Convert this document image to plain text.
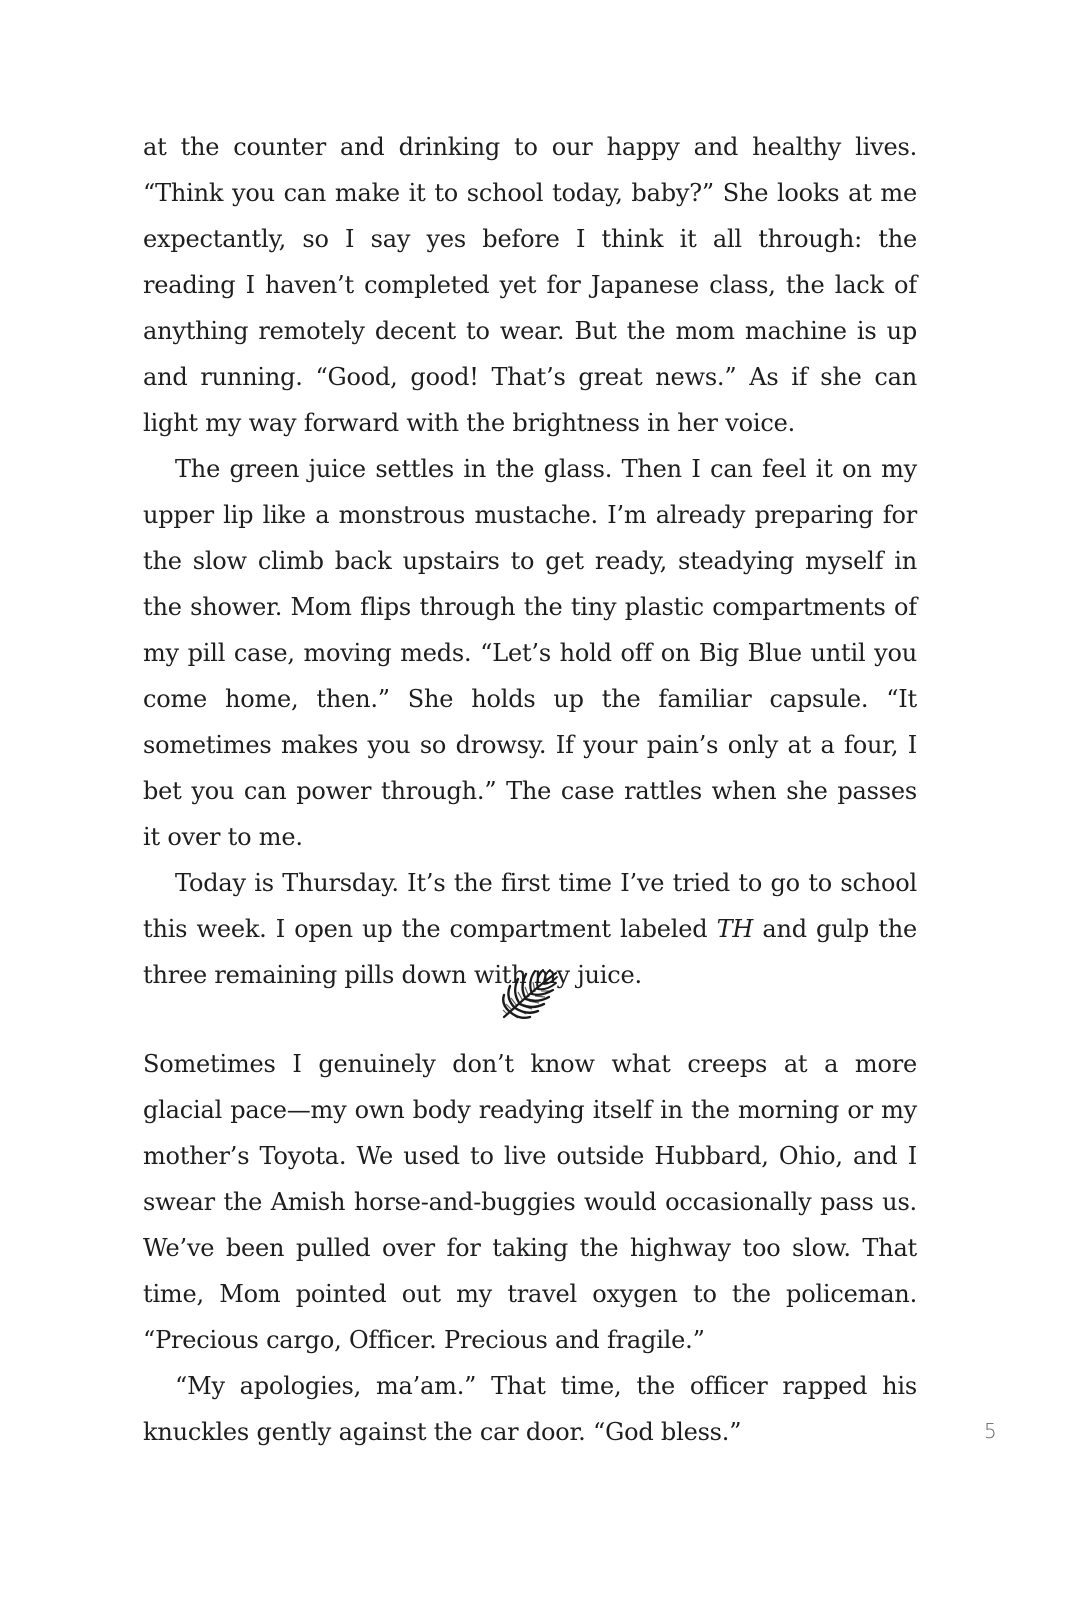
at the counter and drinking to our happy and healthy lives. “Think you can make it to school today, baby?” She looks at me expectantly, so I say yes before I think it all through: the reading I haven’t completed yet for Japanese class, the lack of anything remotely decent to wear. But the mom machine is up and running. “Good, good! That’s great news.” As if she can light my way forward with the brightness in her voice.

The green juice settles in the glass. Then I can feel it on my upper lip like a monstrous mustache. I’m already preparing for the slow climb back upstairs to get ready, steadying myself in the shower. Mom flips through the tiny plastic compartments of my pill case, moving meds. “Let’s hold off on Big Blue until you come home, then.” She holds up the familiar capsule. “It sometimes makes you so drowsy. If your pain’s only at a four, I bet you can power through.” The case rattles when she passes it over to me.

Today is Thursday. It’s the first time I’ve tried to go to school this week. I open up the compartment labeled TH and gulp the three remaining pills down with my juice.

Sometimes I genuinely don’t know what creeps at a more glacial pace—my own body readying itself in the morning or my mother’s Toyota. We used to live outside Hubbard, Ohio, and I swear the Amish horse-and-buggies would occasionally pass us. We’ve been pulled over for taking the highway too slow. That time, Mom pointed out my travel oxygen to the policeman. “Precious cargo, Officer. Precious and fragile.”

“My apologies, ma’am.” That time, the officer rapped his knuckles gently against the car door. “God bless.”	5
